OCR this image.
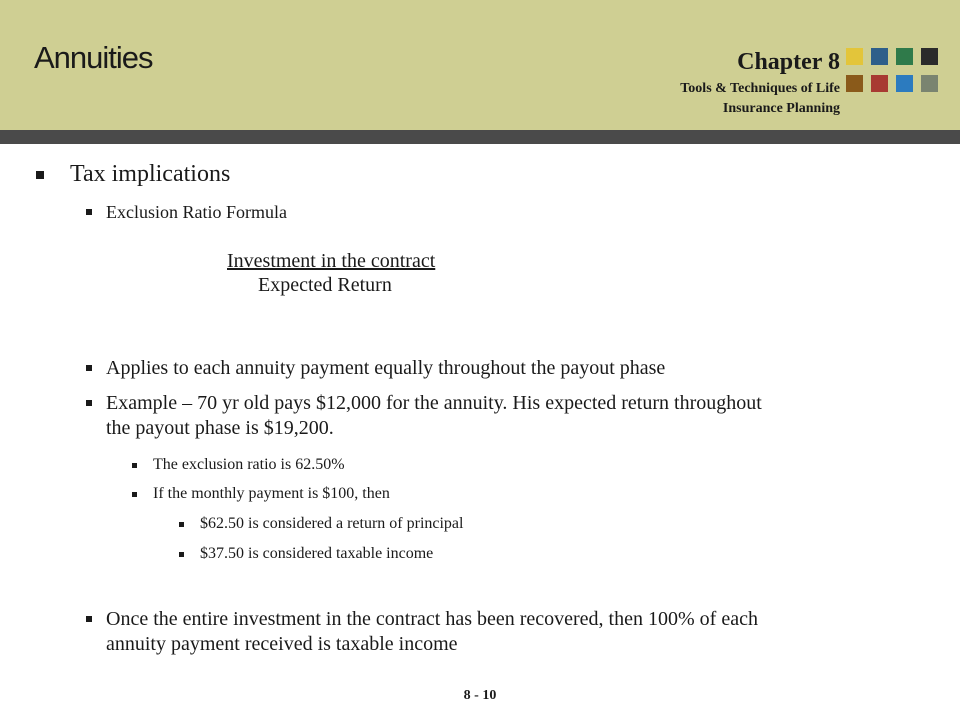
Annuities	Chapter 8
Tools & Techniques of Life
Insurance Planning
Tax implications
Exclusion Ratio Formula
Investment in the contract
Expected Return
Applies to each annuity payment equally throughout the payout phase
Example – 70 yr old pays $12,000 for the annuity. His expected return throughout
the payout phase is $19,200.
The exclusion ratio is 62.50%
If the monthly payment is $100, then
$62.50 is considered a return of principal
$37.50 is considered taxable income
Once the entire investment in the contract has been recovered, then 100% of each
annuity payment received is taxable income
8 - 10
